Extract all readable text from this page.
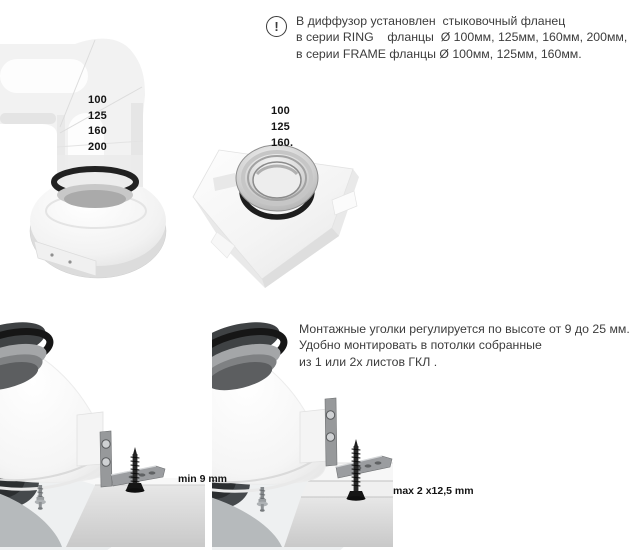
100
125
160
200
! В диффузор установлен  стыковочный фланец
в серии RING    фланцы  Ø 100мм, 125мм, 160мм, 200мм,
в серии FRAME фланцы Ø 100мм, 125мм, 160мм.
100
125
160.
min 9 mm
max 2 x12,5 mm
Монтажные уголки регулируется по высоте от 9 до 25 мм.
Удобно монтировать в потолки собранные
из 1 или 2х листов ГКЛ .
